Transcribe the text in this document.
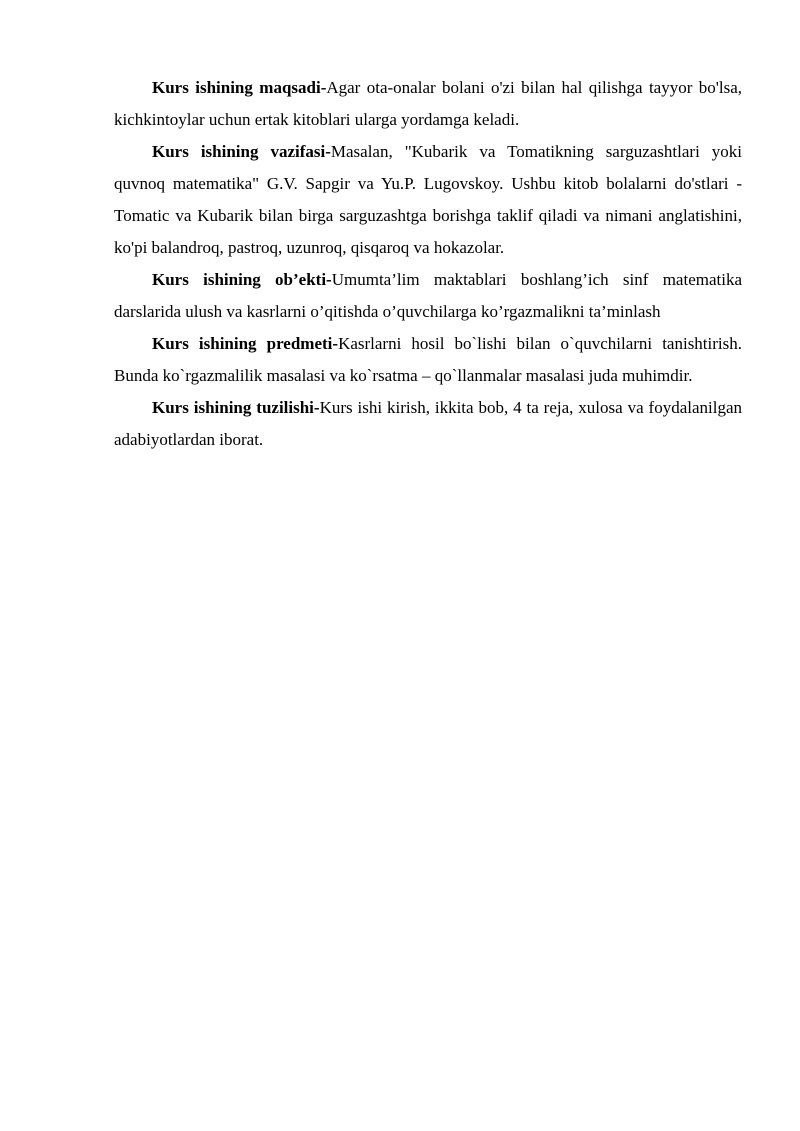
Kurs ishining maqsadi-Agar ota-onalar bolani o'zi bilan hal qilishga tayyor bo'lsa, kichkintoylar uchun ertak kitoblari ularga yordamga keladi.

Kurs ishining vazifasi-Masalan, "Kubarik va Tomatikning sarguzashtlari yoki quvnoq matematika" G.V. Sapgir va Yu.P. Lugovskoy. Ushbu kitob bolalarni do'stlari - Tomatic va Kubarik bilan birga sarguzashtga borishga taklif qiladi va nimani anglatishini, ko'pi balandroq, pastroq, uzunroq, qisqaroq va hokazolar.

Kurs ishining ob’ekti-Umumta’lim maktablari boshlang’ich sinf matematika darslarida ulush va kasrlarni o’qitishda o’quvchilarga ko’rgazmalikni ta’minlash

Kurs ishining predmeti-Kasrlarni hosil bo`lishi bilan o`quvchilarni tanishtirish. Bunda ko`rgazmalilik masalasi va ko`rsatma – qo`llanmalar masalasi juda muhimdir.

Kurs ishining tuzilishi-Kurs ishi kirish, ikkita bob, 4 ta reja, xulosa va foydalanilgan adabiyotlardan iborat.
